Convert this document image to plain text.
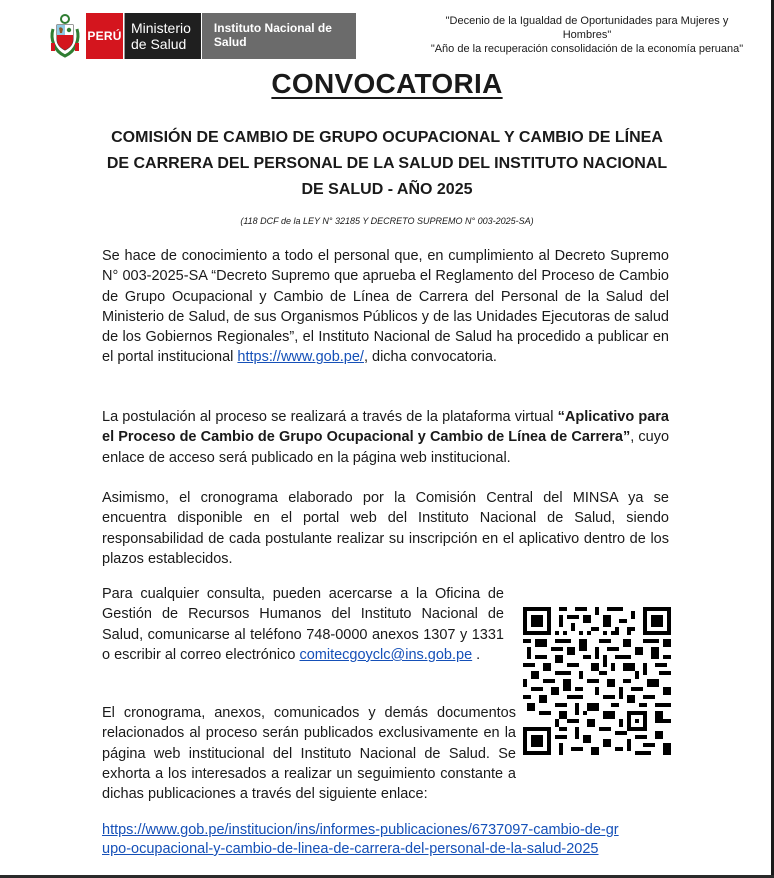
PERÚ Ministerio
de Salud
Instituto Nacional de Salud
"Decenio de la Igualdad de Oportunidades para Mujeres y
Hombres"
"Año de la recuperación consolidación de la economía peruana"
CONVOCATORIA
COMISIÓN DE CAMBIO DE GRUPO OCUPACIONAL Y CAMBIO DE LÍNEA DE CARRERA DEL PERSONAL DE LA SALUD DEL INSTITUTO NACIONAL DE SALUD - AÑO 2025
(118 DCF de la LEY N° 32185 Y DECRETO SUPREMO N° 003-2025-SA)
Se hace de conocimiento a todo el personal que, en cumplimiento al Decreto Supremo N° 003-2025-SA “Decreto Supremo que aprueba el Reglamento del Proceso de Cambio de Grupo Ocupacional y Cambio de Línea de Carrera del Personal de la Salud del Ministerio de Salud, de sus Organismos Públicos y de las Unidades Ejecutoras de salud de los Gobiernos Regionales”, el Instituto Nacional de Salud ha procedido a publicar en el portal institucional https://www.gob.pe/, dicha convocatoria.
La postulación al proceso se realizará a través de la plataforma virtual “Aplicativo para el Proceso de Cambio de Grupo Ocupacional y Cambio de Línea de Carrera”, cuyo enlace de acceso será publicado en la página web institucional.
Asimismo, el cronograma elaborado por la Comisión Central del MINSA ya se encuentra disponible en el portal web del Instituto Nacional de Salud, siendo responsabilidad de cada postulante realizar su inscripción en el aplicativo dentro de los plazos establecidos.
Para cualquier consulta, pueden acercarse a la Oficina de Gestión de Recursos Humanos del Instituto Nacional de Salud, comunicarse al teléfono 748-0000 anexos 1307 y 1331 o escribir al correo electrónico comitecgoyclc@ins.gob.pe .
El cronograma, anexos, comunicados y demás documentos relacionados al proceso serán publicados exclusivamente en la página web institucional del Instituto Nacional de Salud. Se exhorta a los interesados a realizar un seguimiento constante a dichas publicaciones a través del siguiente enlace:
https://www.gob.pe/institucion/ins/informes-publicaciones/6737097-cambio-de-gr
upo-ocupacional-y-cambio-de-linea-de-carrera-del-personal-de-la-salud-2025
